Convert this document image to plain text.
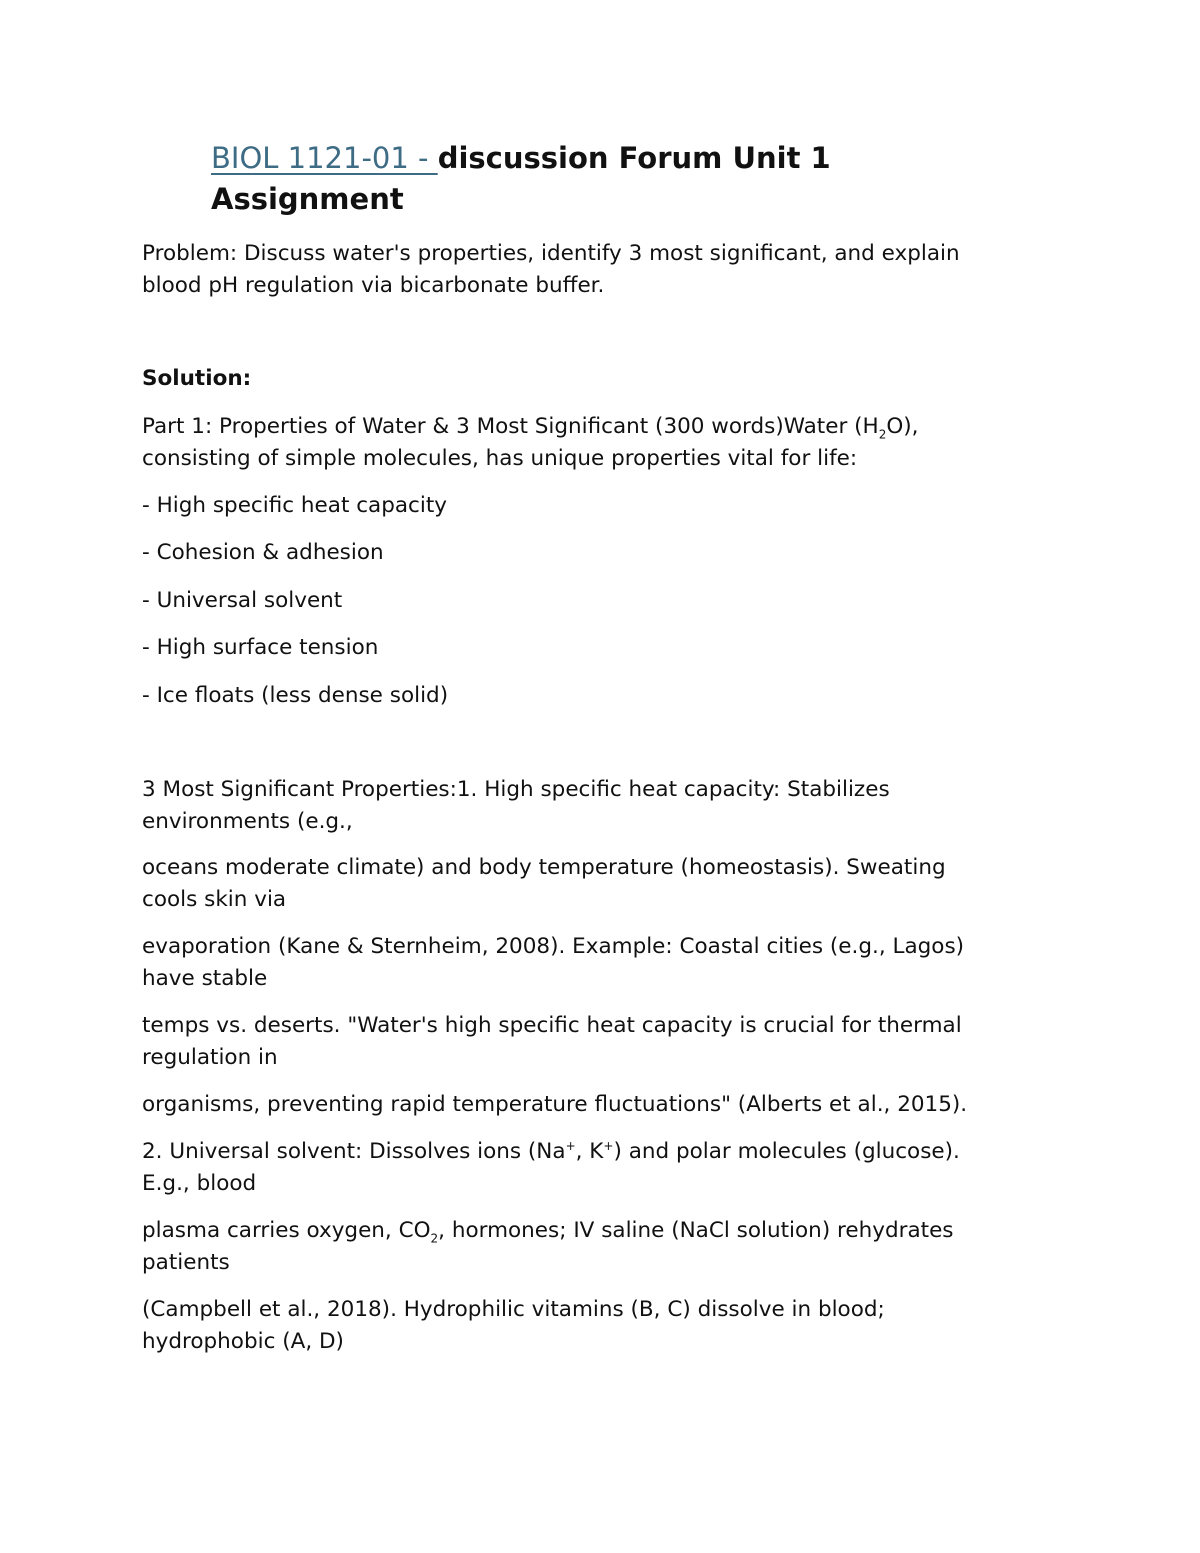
BIOL 1121-01 - discussion Forum Unit 1
Assignment

Problem: Discuss water's properties, identify 3 most significant, and explain
blood pH regulation via bicarbonate buffer.

Solution:

Part 1: Properties of Water & 3 Most Significant (300 words)Water $(H_2O)$,
consisting of simple molecules, has unique properties vital for life:

- High specific heat capacity

- Cohesion & adhesion

- Universal solvent

- High surface tension

- Ice floats (less dense solid)

3 Most Significant Properties:1. High specific heat capacity: Stabilizes
environments (e.g.,

oceans moderate climate) and body temperature (homeostasis). Sweating
cools skin via

evaporation (Kane & Sternheim, 2008). Example: Coastal cities (e.g., Lagos)
have stable

temps vs. deserts. "Water's high specific heat capacity is crucial for thermal
regulation in

organisms, preventing rapid temperature fluctuations" (Alberts et al., 2015).

2. Universal solvent: Dissolves ions (Na+, K+) and polar molecules (glucose).
E.g., blood

plasma carries oxygen, $CO_2$, hormones; IV saline (NaCl solution) rehydrates
patients

(Campbell et al., 2018). Hydrophilic vitamins (B, C) dissolve in blood;
hydrophobic (A, D)
